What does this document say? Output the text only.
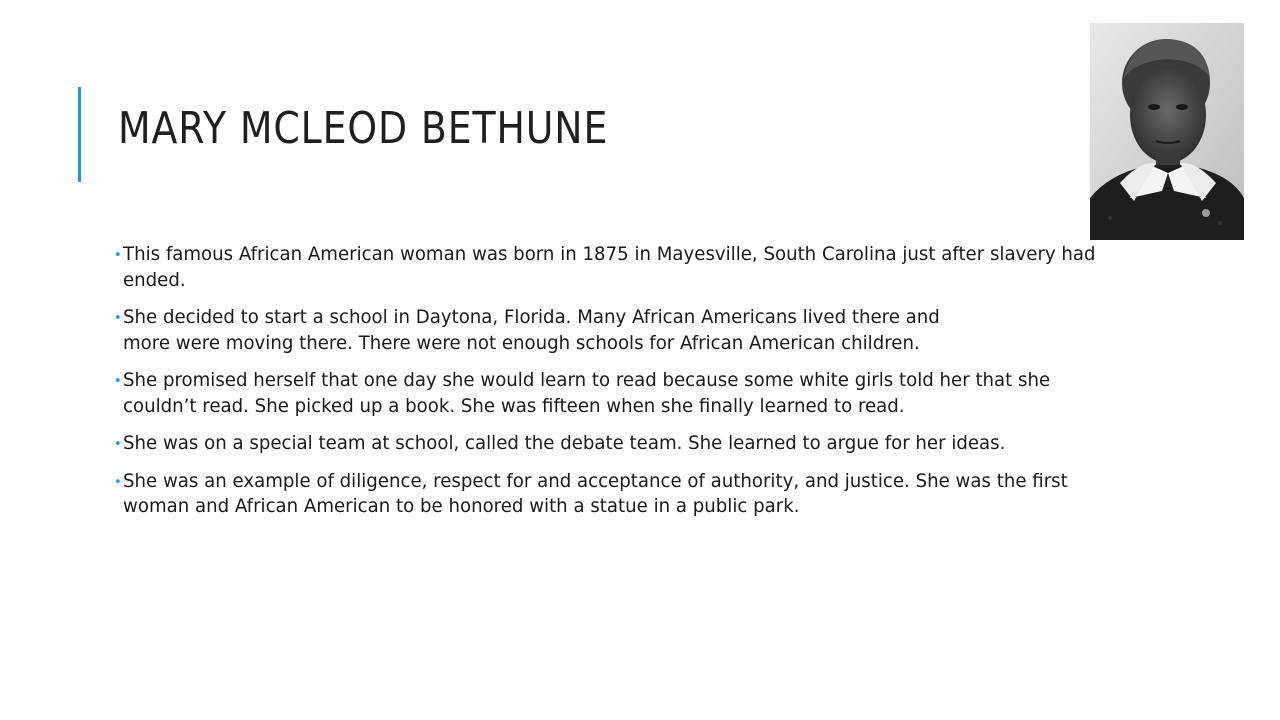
MARY MCLEOD BETHUNE
• This famous African American woman was born in 1875 in Mayesville, South Carolina just after slavery had ended.
• She decided to start a school in Daytona, Florida. Many African Americans lived there and more were moving there. There were not enough schools for African American children.
• She promised herself that one day she would learn to read because some white girls told her that she couldn’t read. She picked up a book. She was fifteen when she finally learned to read.
• She was on a special team at school, called the debate team. She learned to argue for her ideas.
• She was an example of diligence, respect for and acceptance of authority, and justice. She was the first woman and African American to be honored with a statue in a public park.
